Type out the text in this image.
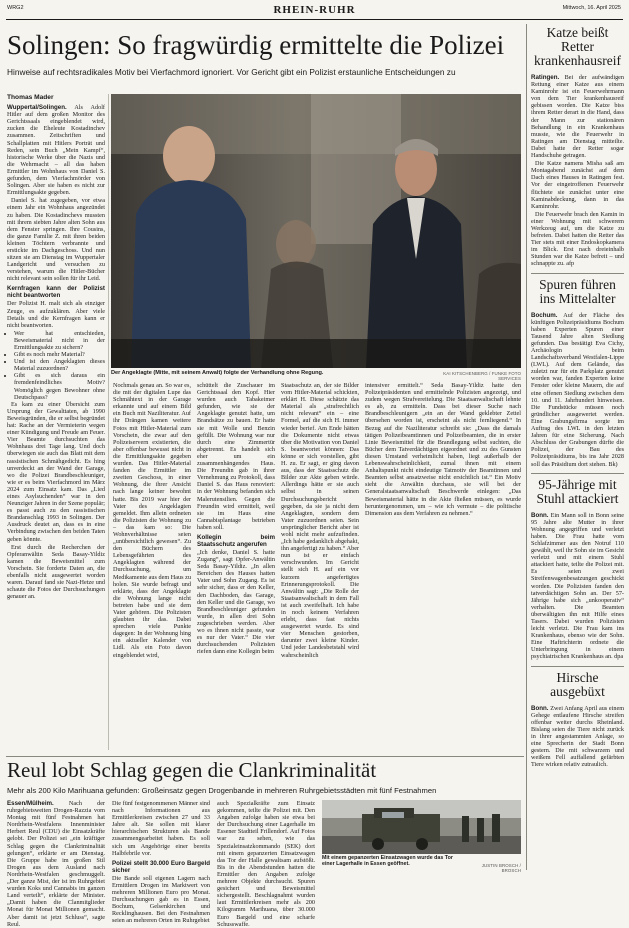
WRG2	RHEIN-RUHR	Mittwoch, 16. April 2025
Solingen: So fragwürdig ermittelte die Polizei
Hinweise auf rechtsradikales Motiv bei Vierfachmord ignoriert. Vor Gericht gibt ein Polizist erstaunliche Entscheidungen zu
Thomas Mader

Wuppertal/Solingen. Als Adolf Hitler auf dem großen Monitor des Gerichtssaals eingeblendet wird, zucken die Eheleute Kostadinchev zusammen. Zeitschriften und Schallplatten mit Hitlers Porträt und Reden, sein Buch „Mein Kampf“, historische Werke über die Nazis und die Wehrmacht – all das haben Ermittler im Wohnhaus von Daniel S. gefunden, dem Vierfachmörder von Solingen. Aber sie haben es nicht zur Ermittlungsakte gegeben.

Daniel S. hat zugegeben, vor etwa einem Jahr ein Wohnhaus angezündet zu haben. Die Kostadinchevs mussten mit ihrem siebten Jahre alten Sohn aus dem Fenster springen. Ihre Cousins, die ganze Familie Z. mit ihren beiden kleinen Töchtern verbrannte und erstickte im Dachgeschoss. Und nun sitzen sie am Dienstag im Wuppertaler Landgericht und versuchen zu verstehen, warum die Hitler-Bücher nicht relevant sein sollen für ihr Leid.

Kernfragen kann der Polizist nicht beantworten

Der Polizist H. malt sich als einziger Zeuge, es aufzuklären. Aber viele Details und die Kernfragen kann er nicht beantworten.

• Wer hat entschieden, Beweismaterial nicht in der Ermittlungsakte zu sichern?
• Gibt es noch mehr Material?
• Und ist den Angeklagten dieses Material zuzuordnen?
• Gibt es sich daraus ein fremdenfeindliches Motiv? Womöglich gegen Bewohner ohne Deutschpass?

Es kam zu einer Übersicht zum Ursprung der Gewalttaten, ab 1990 Beweisgründen, die er selbst begründet hat: Rache an der Vermieterin wegen einer Kündigung und Freude am Feuer. Vier Beamte durchsuchten das Wohnhaus drei Tage lang. Und doch überwiegen sie auch das Blatt mit dem rassistischen Schmähgedicht. Es hing unverdeckt an der Wand der Garage, wo die Polizei Brandbeschleuniger, wie er es beim Vierfachmord im März 2024 zum Einsatz kam. Das „Lied eines Asylsuchenden“ war in den Neunziger Jahren in der Szene populär; es passt auch zu den rassistischen Brandanschlag 1993 in Solingen. Der Ausdruck deutet an, dass es in eine Verbindung zwischen den beiden Taten geben könnte.

Erst durch die Recherchen der Opferanwältin Seda Basay-Yildiz kamen die Beweismittel zum Vorschein. Sie forderte Daten an, die ebenfalls nicht ausgewertet worden waren. Darauf fand sie Nazi-Hetze und schaute die Fotos der Durchsuchungen genauer an.

Der Angeklagte (Mitte, mit seinem Anwalt) folgte der Verhandlung ohne Regung.	KAI KITSCHENBERG / FUNKE FOTO SERVICES

Nochmals genau an. So war es, die mit der digitalen Lupe das Schmähtext in der Garage erkannte und auf einem Bild ein Buch mit Naziliteratur. Auf ihr Drängen kamen weitere Fotos mit Hitler-Material zum Vorschein, die zwar auf den Polizeiservern existierten, die aber offenbar bewusst nicht in die Ermittlungsakte gegeben wurden. Das Hitler-Material fanden die Ermittler im zweiten Geschoss, in einer Wohnung, die ihrer Ansicht nach lange keiner bewohnt hatte. Bis 2019 war hier der Vater des Angeklagten gemeldet. Ihm allein ordneten die Polizisten die Wohnung zu – das kam so: Die Wohnverhältnisse seien „unübersichtlich gewesen“. Zu den Büchern des Lebensgefährten des Angeklagten während der Durchsuchung, um Medikamente aus dem Haus zu holen. Sie wurde befragt und erklärte, dass der Angeklagte die Wohnung lange nicht betreten habe und sie dem Vater gehören. Die Polizisten glaubten ihr das. Dabei sprechen viele Punkte dagegen: In der Wohnung hing ein aktueller Kalender von Lidl. Als ein Foto davon eingeblendet wird,

schüttelt die Zuschauer im Gerichtssaal den Kopf. Hier wurden auch Tabakeimer gefunden, wie sie der Angeklagte genutzt hatte, um Brandsätze zu bauen. Er hatte sie mit Wolle und Benzin gefüllt. Die Wohnung war nur durch eine Zimmertür abgetrennt. Es handelt sich eher um ein zusammenhängendes Haus. Die Freundin gab in ihrer Vernehmung zu Protokoll, dass Daniel S. das Haus renoviert: in der Wohnung befanden sich Malerutensilien. Gegen die Freundin wird ermittelt, weil sie im Haus eine Cannabisplantage betrieben haben soll.

Kollegin beim Staatsschutz angerufen

„Ich denke, Daniel S. hatte Zugang“, sagt Opfer-Anwältin Seda Basay-Yildiz. „In allen Bereichen des Hauses hatten Vater und Sohn Zugang. Es ist sehr sicher, dass er den Keller, den Dachboden, das Garage, den Keller und die Garage, wo Brandbeschleuniger gefunden wurde, in allen drei Sohn zugeschrieben werden. Aber wo es ihnen nicht passte, war es nur der Vater.“ Die vier durchsuchenden Polizisten riefen dann eine Kollegin beim

Staatsschutz an, der sie Bilder vom Hitler-Material schickten, erklärt H. Diese schätzte das Material als „strafrechtlich nicht relevant“ ein – eine Formel, auf die sich H. immer wieder berief. Am Ende hätten die Dokumente nicht etwas über die Motivation von Daniel S. beantwortet können: Das könne er sich vorstellen, gibt H. zu. Er sagt, er ging davon aus, dass der Staatsschutz die Bilder zur Akte geben würde. Allerdings hätte er sie auch selbst in seinen Durchsuchungsbericht gegeben, da sie ja nicht dem Angeklagten, sondern dem Vater zuzuordnen seien. Sein ursprünglicher Bericht aber ist wohl nicht mehr aufzufinden. „Ich habe gedanklich abgehakt, ihn angefertigt zu haben.“ Aber nun ist er einfach verschwunden. Im Gericht stellt sich H. auf ein vor kurzem angefertigtes Erinnerungsprotokoll. Die Anwältin sagt: „Die Rolle der Staatsanwaltschaft in dem Fall ist auch zweifelhaft. Ich habe in noch keinem Verfahren erlebt, dass fast nichts ausgewertet wurde. Es sind vier Menschen gestorben, darunter zwei kleine Kinder. Und jeder Landesbetstahl wird wahrscheinlich

intensiver ermittelt.“ Seda Basay-Yildiz hatte den Polizeipräsidenten und ermittelnde Polizisten angezeigt, und zudem wegen Strafvereitelung. Die Staatsanwaltschaft lehnte es ab, zu ermitteln. Dass bei dieser Suche nach Brandbeschleunigern „ein an der Wand geklebter Zettel übersehen worden ist, erscheint als nicht fernliegend.“ In Bezug auf die Naziliteratur schreibt sie: „Dass die damals tätigen Polizeibeamtinnen und Polizeibeamten, die in erster Linie Beweismittel für die Brandlegung selbst suchten, die Bücher dem Tatverdächtigen eigeordnet und zu des Gunsten diesen Umstand verheimlicht haben, liegt außerhalb der Lebenswahrscheinlichkeit, zumal ihnen mit einem Anhaltspunkt nicht eindeutige Tatmotiv der Beamtinnen und Beamten selbst ansatzweise nicht ersichtlich ist.“ Ein Motiv sieht die Anwältin durchaus, sie will bei der Generalstaatsanwaltschaft Beschwerde einlegen: „Das Beweismaterial hätte in die Akte fließen müssen, es wurde heruntergenommen, um – wie ich vermute – die politische Dimension aus dem Verfahren zu nehmen.“

Reul lobt Schlag gegen die Clankriminalität
Mehr als 200 Kilo Marihuana gefunden: Großeinsatz gegen Drogenbande in mehreren Ruhrgebietsstädten mit fünf Festnahmen

Essen/Mülheim. Nach der ruhrgebietsweiten Drogen-Razzia vom Montag mit fünf Festnahmen hat Nordrhein-Westfalens Innenminister Herbert Reul (CDU) die Einsatzkräfte gelobt. Der Polizei sei „ein kräftiger Schlag gegen die Clankriminalität gelungen“, erklärte er am Dienstag. Die Gruppe habe im großen Stil Drogen aus dem Ausland nach Nordrhein-Westfalen geschmuggelt. „Der ganze Mist, der ist im Ruhrgebiet wurden Koks und Cannabis im ganzen Land verteilt“, erklärte der Minister. „Damit haben die Clanmitglieder Monat für Monat Millionen gemacht. Aber damit ist jetzt Schluss“, sagte Reul.

Die fünf festgenommenen Männer sind nach Informationen aus Ermittlerkreisen zwischen 27 und 33 Jahre alt. Sie sollen mit klarer hierarchischen Strukturen als Bande zusammengearbeitet haben. Es soll sich um Angehörige einer bereits Halbfebrile vor.

Polizei stellt 30.000 Euro Bargeld sicher

Die Bande soll eigenen Lagern nach Ermittlern Drogen im Marktwert von mehreren Millionen Euro pro Monat. Durchsuchungen gab es in Essen, Bochum, Gelsenkirchen und Recklinghausen. Bei den Festnahmen seien an mehreren Orten im Ruhrgebiet

auch Spezialkräfte zum Einsatz gekommen, teilte die Polizei mit. Den Angaben zufolge haben sie etwa bei der Durchsuchung einer Lagerhalle im Essener Stadtteil Frillendorf. Auf Fotos war zu sehen, wie das Spezialeinsatzkommando (SEK) dort mit einem gepanzerten Einsatzwagen das Tor der Halle gewaltsam aufstößt. Bis in die Abendstunden hatten die Ermittler den Angaben zufolge mehrere Objekte durchsucht. Spuren gesichert und Beweismittel sichergestellt. Beschlagnahmt wurden laut Ermittlerkreisen mehr als 200 Kilogramm Marihuana, über 30.000 Euro Bargeld und eine scharfe Schusswaffe.

Mit einem gepanzerten Einsatzwagen wurde das Tor einer Lagerhalle in Essen geöffnet.	JUSTIN BROSCH / BROSCH
Katze beißt Retter krankenhausreif

Ratingen. Bei der aufwändigen Rettung einer Katze aus einem Kaminrohr ist ein Feuerwehrmann von dem Tier krankenhausreif gebissen worden. Die Katze biss ihrem Retter derart in die Hand, dass der Mann zur stationären Behandlung in ein Krankenhaus musste, wie die Feuerwehr in Ratingen am Dienstag mitteilte. Dabei hatte der Retter sogar Handschuhe getragen.

Die Katze namens Misha saß am Montagabend zunächst auf dem Dach eines Hauses in Ratingen fest. Vor der eingetroffenen Feuerwehr flüchtete sie zunächst unter eine Kaminabdeckung, dann in das Kaminrohr.

Die Feuerwehr brach den Kamin in einer Wohnung mit schwerem Werkzeug auf, um die Katze zu befreien. Dabei hatten die Retter das Tier stets mit einer Endoskopkamera im Blick. Erst nach dreieinhalb Stunden war die Katze befreit – und schnappte zu. afp

Spuren führen ins Mittelalter

Bochum. Auf der Fläche des künftigen Polizeipräsidiums Bochum haben Experten Spuren einer Tausend Jahre alten Siedlung gefunden. Das bestätigt Eva Cichy, Archäologin beim Landschaftsverband Westfalen-Lippe (LWL). Auf dem Gelände, das zuletzt nur für ein Parkplatz genutzt worden war, fanden Experten keine Fenster oder kleine Mauern, die auf eine offenen Siedlung zwischen dem 10. und 11. Jahrhundert hinweisen. Die Fundstücke müssen noch gründlicher ausgewertet werden. Eine Grabungsfirma sorgte im Auftrag des LWL in den letzten Jahren für eine Sicherung. Nach Abschluss der Grabungen dürfte die Polizei, der Bau des Polizeipräsidiums, bis ins Jahr 2028 soll das Präsidium dort stehen. Bk)

95-Jährige mit Stuhl attackiert

Bonn. Ein Mann soll in Bonn seine 95 Jahre alte Mutter in ihrer Wohnung angegriffen und verletzt haben. Die Frau hatte vom Schlafzimmer aus den Notruf 110 gewählt, weil ihr Sohn sie im Gesicht verletzt und mit einem Stuhl attackiert hatte, teilte die Polizei mit. Es seien zwei Streifenwagenbesatzungen geschickt worden. Die Polizisten fanden den tatverdächtigen Sohn an. Der 57-Jährige habe sich „unkooperativ“ verhalten. Die Beamten überwältigten ihn mit Hilfe eines Tasers. Dabei wurden Polizisten leicht verletzt. Die Frau kam ins Krankenhaus, ebenso wie der Sohn. Eine Haftrichterin ordnete die Unterbringung in einem psychiatrischen Krankenhaus an. dpa

Hirsche ausgebüxt

Bonn. Zwei Anfang April aus einem Gehege entlaufene Hirsche streifen offenbar weiter durchs Rheinland. Bislang seien die Tiere nicht zurück in ihrer angestammten Anlage, so eine Sprecherin der Stadt Bonn gestern. Die mit schwarzem und weißem Fell auffallend gefärbten Tiere wirken relativ zutraulich.
